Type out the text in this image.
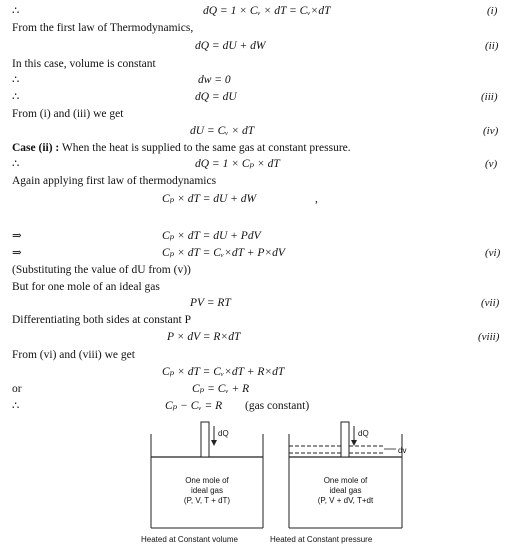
∴	dQ = 1 × Cᵥ × dT = Cᵥ×dT	(i)
From the first law of Thermodynamics,
dQ = dU + dW	(ii)
In this case, volume is constant
∴	dw = 0
∴	dQ = dU	(iii)
From (i) and (iii) we get
dU = Cᵥ × dT	(iv)
Case (ii) : When the heat is supplied to the same gas at constant pressure.
∴	dQ = 1 × Cₚ × dT	(v)
Again applying first law of thermodynamics
Cₚ × dT = dU + dW	,
⇒	Cₚ × dT = dU + PdV
⇒	Cₚ × dT = Cᵥ×dT + P×dV	(vi)
(Substituting the value of dU from (v))
But for one mole of an ideal gas
PV = RT	(vii)
Differentiating both sides at constant P
P × dV = R×dT	(viii)
From (vi) and (viii) we get
Cₚ × dT = Cᵥ×dT + R×dT
or	Cₚ = Cᵥ + R
∴	Cₚ − Cᵥ = R (gas constant)
dQ	dQ
dv
One mole of
ideal gas
(P, V, T + dT)
One mole of
ideal gas
(P, V + dV, T+dt
Heated at Constant volume	Heated at Constant pressure
